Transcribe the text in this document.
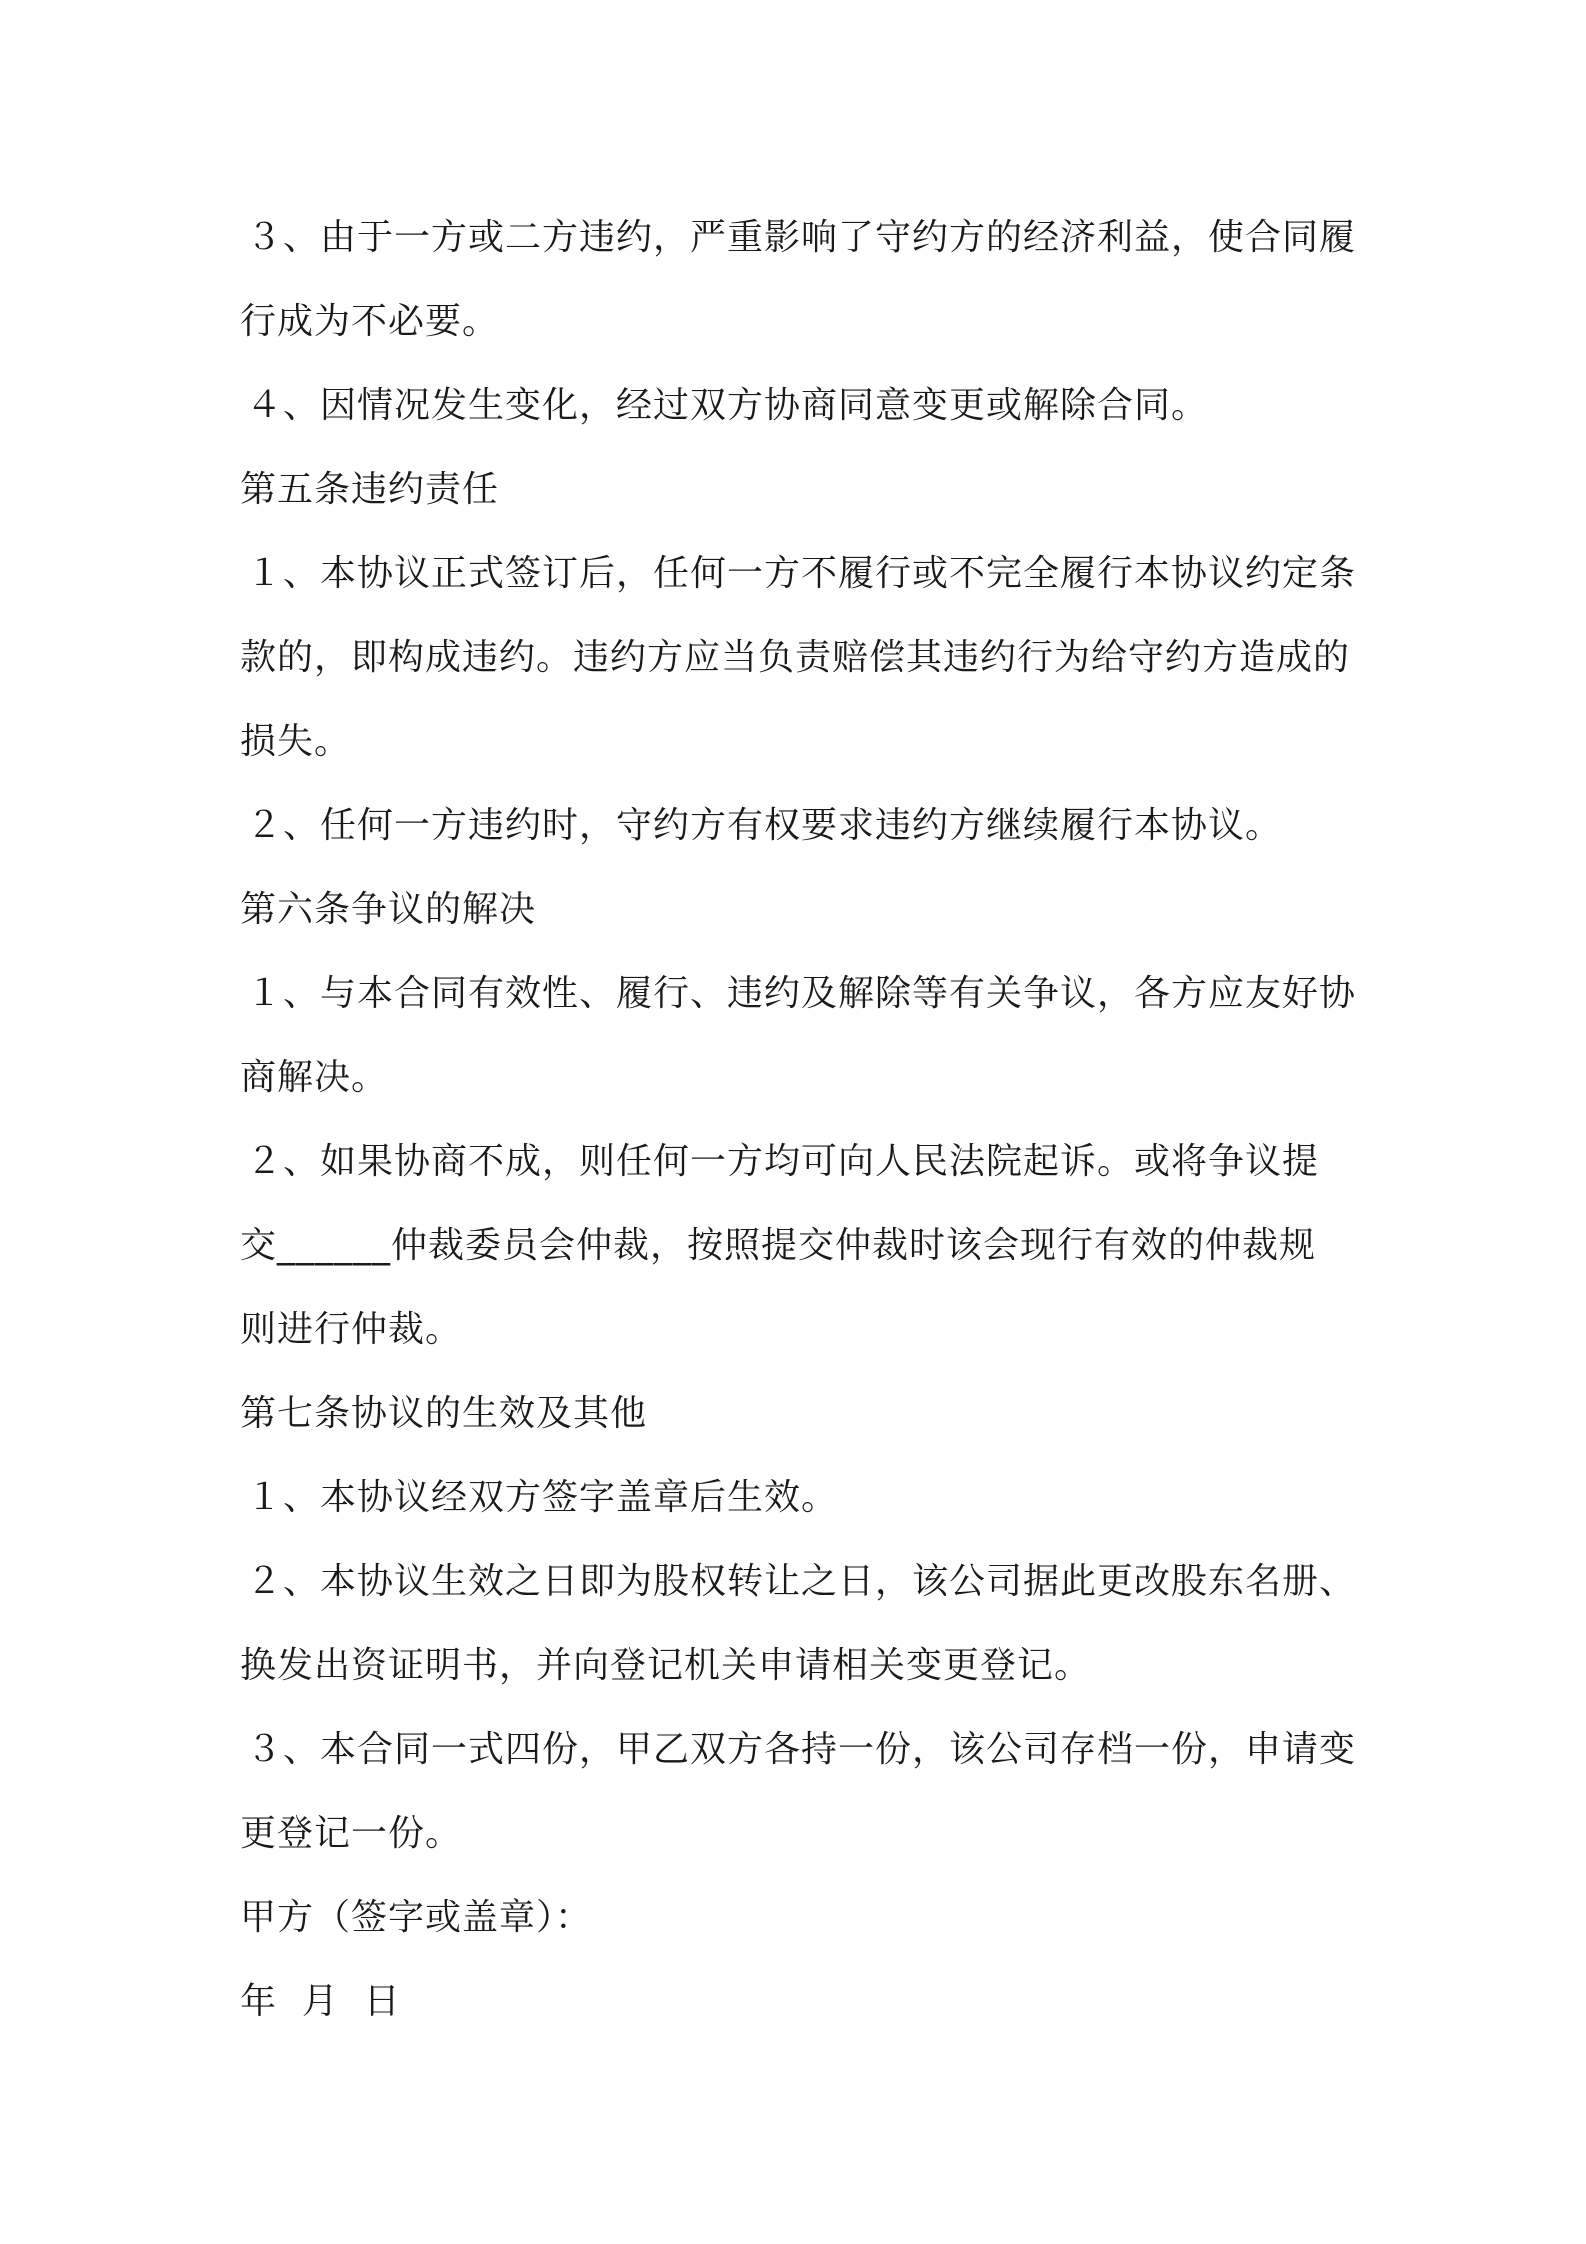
３、由于一方或二方违约，严重影响了守约方的经济利益，使合同履
行成为不必要。
４、因情况发生变化，经过双方协商同意变更或解除合同。
第五条违约责任
１、本协议正式签订后，任何一方不履行或不完全履行本协议约定条
款的，即构成违约。违约方应当负责赔偿其违约行为给守约方造成的
损失。
２、任何一方违约时，守约方有权要求违约方继续履行本协议。
第六条争议的解决
１、与本合同有效性、履行、违约及解除等有关争议，各方应友好协
商解决。
２、如果协商不成，则任何一方均可向人民法院起诉。或将争议提
交______仲裁委员会仲裁，按照提交仲裁时该会现行有效的仲裁规
则进行仲裁。
第七条协议的生效及其他
１、本协议经双方签字盖章后生效。
２、本协议生效之日即为股权转让之日，该公司据此更改股东名册、
换发出资证明书，并向登记机关申请相关变更登记。
３、本合同一式四份，甲乙双方各持一份，该公司存档一份，申请变
更登记一份。
甲方（签字或盖章）：
年  月  日
